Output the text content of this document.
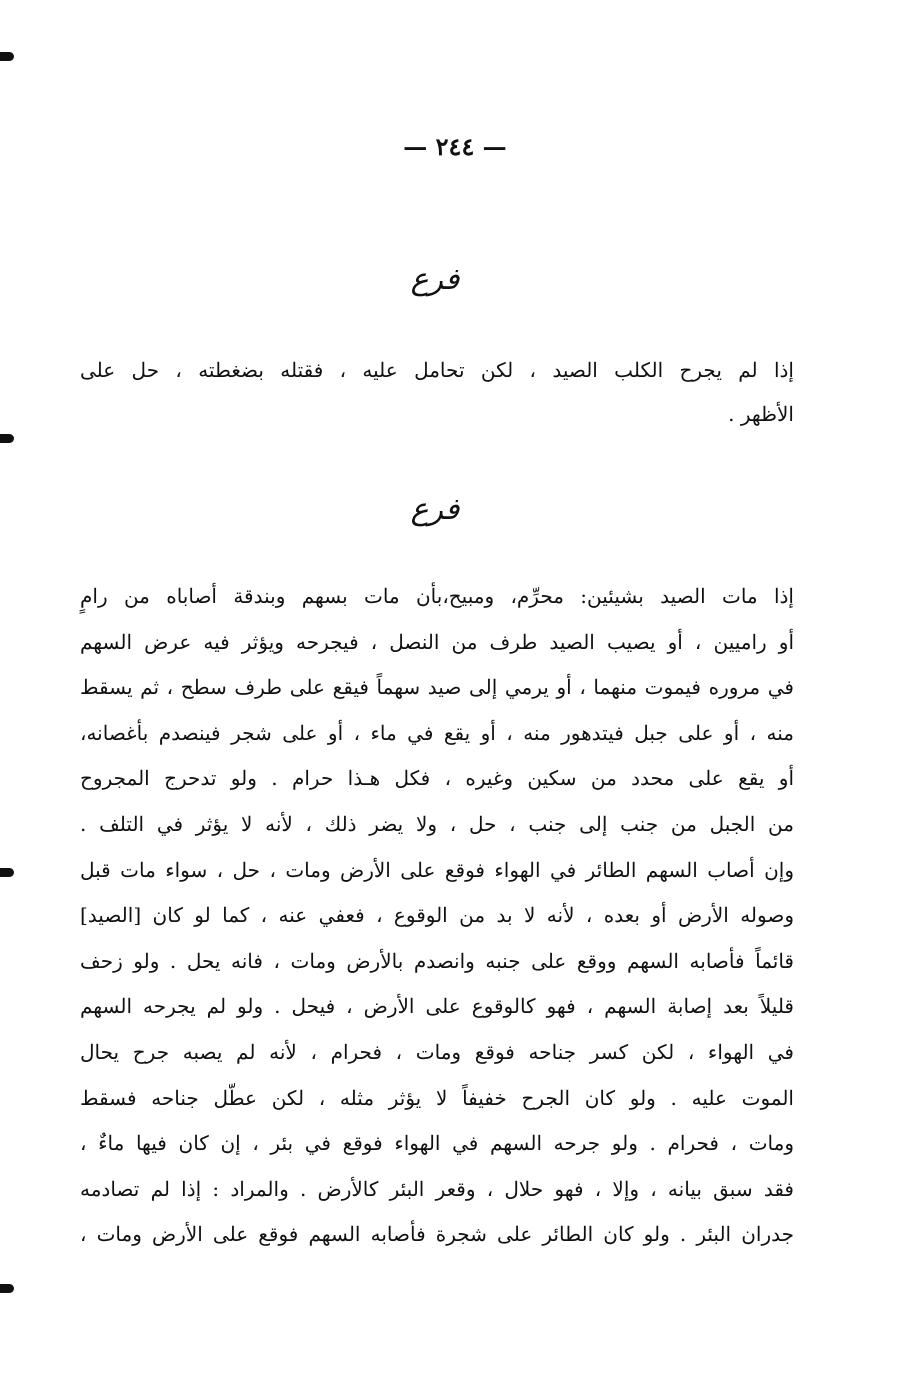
— ٢٤٤ —
فرع
إذا لم يجرح الكلب الصيد ، لكن تحامل عليه ، فقتله بضغطته ، حل على
الأظهر .
فرع
إذا مات الصيد بشيئين: محرِّم، ومبيح،بأن مات بسهم وبندقة أصاباه من رامٍ
أو راميين ، أو يصيب الصيد طرف من النصل ، فيجرحه ويؤثر فيه عرض السهم
في مروره فيموت منهما ، أو يرمي إلى صيد سهماً فيقع على طرف سطح ، ثم يسقط
منه ، أو على جبل فيتدهور منه ، أو يقع في ماء ، أو على شجر فينصدم بأغصانه،
أو يقع على محدد من سكين وغيره ، فكل هـذا حرام . ولو تدحرج المجروح
من الجبل من جنب إلى جنب ، حل ، ولا يضر ذلك ، لأنه لا يؤثر في التلف .
وإن أصاب السهم الطائر في الهواء فوقع على الأرض ومات ، حل ، سواء مات قبل
وصوله الأرض أو بعده ، لأنه لا بد من الوقوع ، فعفي عنه ، كما لو كان [الصيد]
قائماً فأصابه السهم ووقع على جنبه وانصدم بالأرض ومات ، فانه يحل . ولو زحف
قليلاً بعد إصابة السهم ، فهو كالوقوع على الأرض ، فيحل . ولو لم يجرحه السهم
في الهواء ، لكن كسر جناحه فوقع ومات ، فحرام ، لأنه لم يصبه جرح يحال
الموت عليه . ولو كان الجرح خفيفاً لا يؤثر مثله ، لكن عطّل جناحه فسقط
ومات ، فحرام . ولو جرحه السهم في الهواء فوقع في بئر ، إن كان فيها ماءٌ ،
فقد سبق بيانه ، وإلا ، فهو حلال ، وقعر البئر كالأرض . والمراد : إذا لم تصادمه
جدران البئر . ولو كان الطائر على شجرة فأصابه السهم فوقع على الأرض ومات ،
